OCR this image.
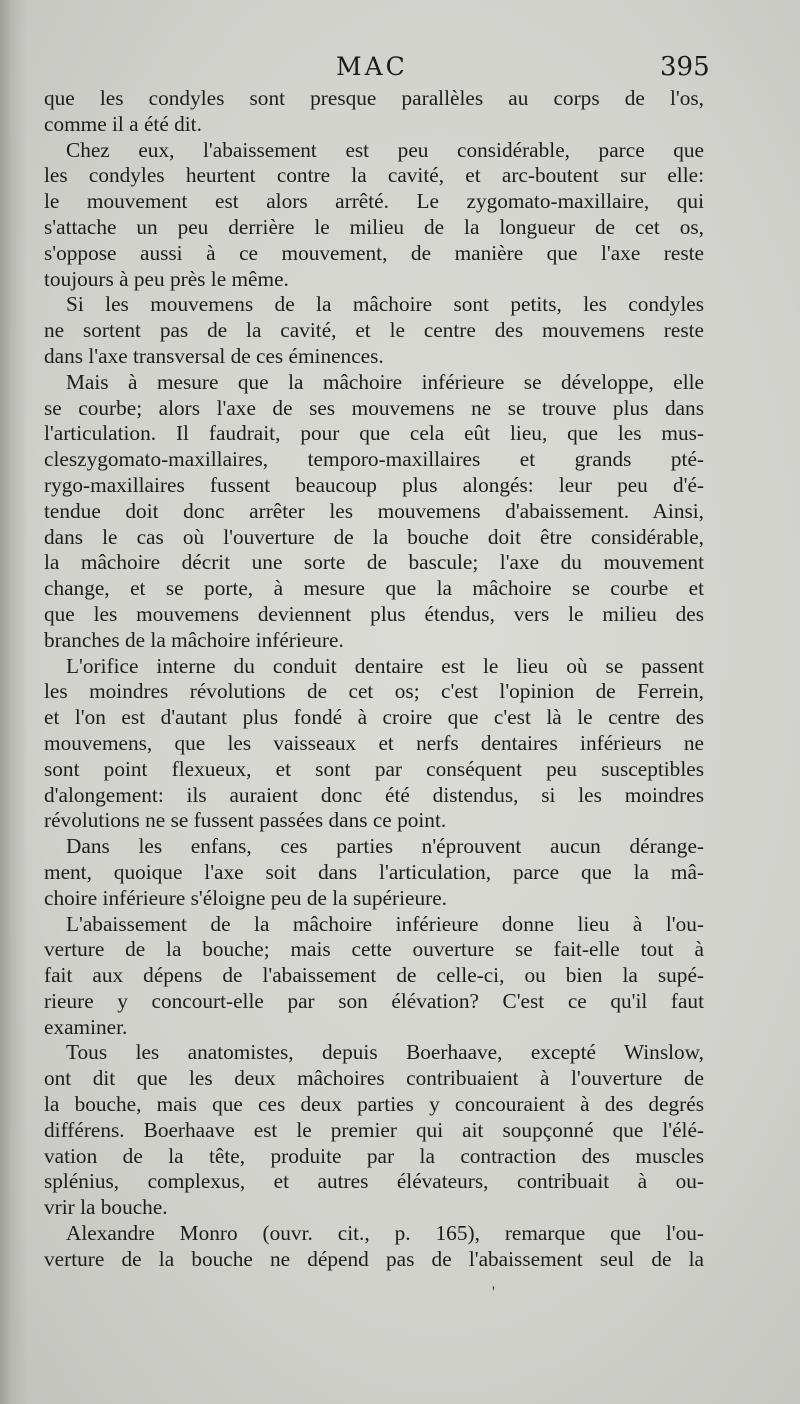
MAC	395
que les condyles sont presque parallèles au corps de l'os,
comme il a été dit.
Chez eux, l'abaissement est peu considérable, parce que
les condyles heurtent contre la cavité, et arc-boutent sur elle:
le mouvement est alors arrêté. Le zygomato-maxillaire, qui
s'attache un peu derrière le milieu de la longueur de cet os,
s'oppose aussi à ce mouvement, de manière que l'axe reste
toujours à peu près le même.
Si les mouvemens de la mâchoire sont petits, les condyles
ne sortent pas de la cavité, et le centre des mouvemens reste
dans l'axe transversal de ces éminences.
Mais à mesure que la mâchoire inférieure se développe, elle
se courbe; alors l'axe de ses mouvemens ne se trouve plus dans
l'articulation. Il faudrait, pour que cela eût lieu, que les mus-
cleszygomato-maxillaires, temporo-maxillaires et grands pté-
rygo-maxillaires fussent beaucoup plus alongés: leur peu d'é-
tendue doit donc arrêter les mouvemens d'abaissement. Ainsi,
dans le cas où l'ouverture de la bouche doit être considérable,
la mâchoire décrit une sorte de bascule; l'axe du mouvement
change, et se porte, à mesure que la mâchoire se courbe et
que les mouvemens deviennent plus étendus, vers le milieu des
branches de la mâchoire inférieure.
L'orifice interne du conduit dentaire est le lieu où se passent
les moindres révolutions de cet os; c'est l'opinion de Ferrein,
et l'on est d'autant plus fondé à croire que c'est là le centre des
mouvemens, que les vaisseaux et nerfs dentaires inférieurs ne
sont point flexueux, et sont par conséquent peu susceptibles
d'alongement: ils auraient donc été distendus, si les moindres
révolutions ne se fussent passées dans ce point.
Dans les enfans, ces parties n'éprouvent aucun dérange-
ment, quoique l'axe soit dans l'articulation, parce que la mâ-
choire inférieure s'éloigne peu de la supérieure.
L'abaissement de la mâchoire inférieure donne lieu à l'ou-
verture de la bouche; mais cette ouverture se fait-elle tout à
fait aux dépens de l'abaissement de celle-ci, ou bien la supé-
rieure y concourt-elle par son élévation? C'est ce qu'il faut
examiner.
Tous les anatomistes, depuis Boerhaave, excepté Winslow,
ont dit que les deux mâchoires contribuaient à l'ouverture de
la bouche, mais que ces deux parties y concouraient à des degrés
différens. Boerhaave est le premier qui ait soupçonné que l'élé-
vation de la tête, produite par la contraction des muscles
splénius, complexus, et autres élévateurs, contribuait à ou-
vrir la bouche.
Alexandre Monro (ouvr. cit., p. 165), remarque que l'ou-
verture de la bouche ne dépend pas de l'abaissement seul de la
'
